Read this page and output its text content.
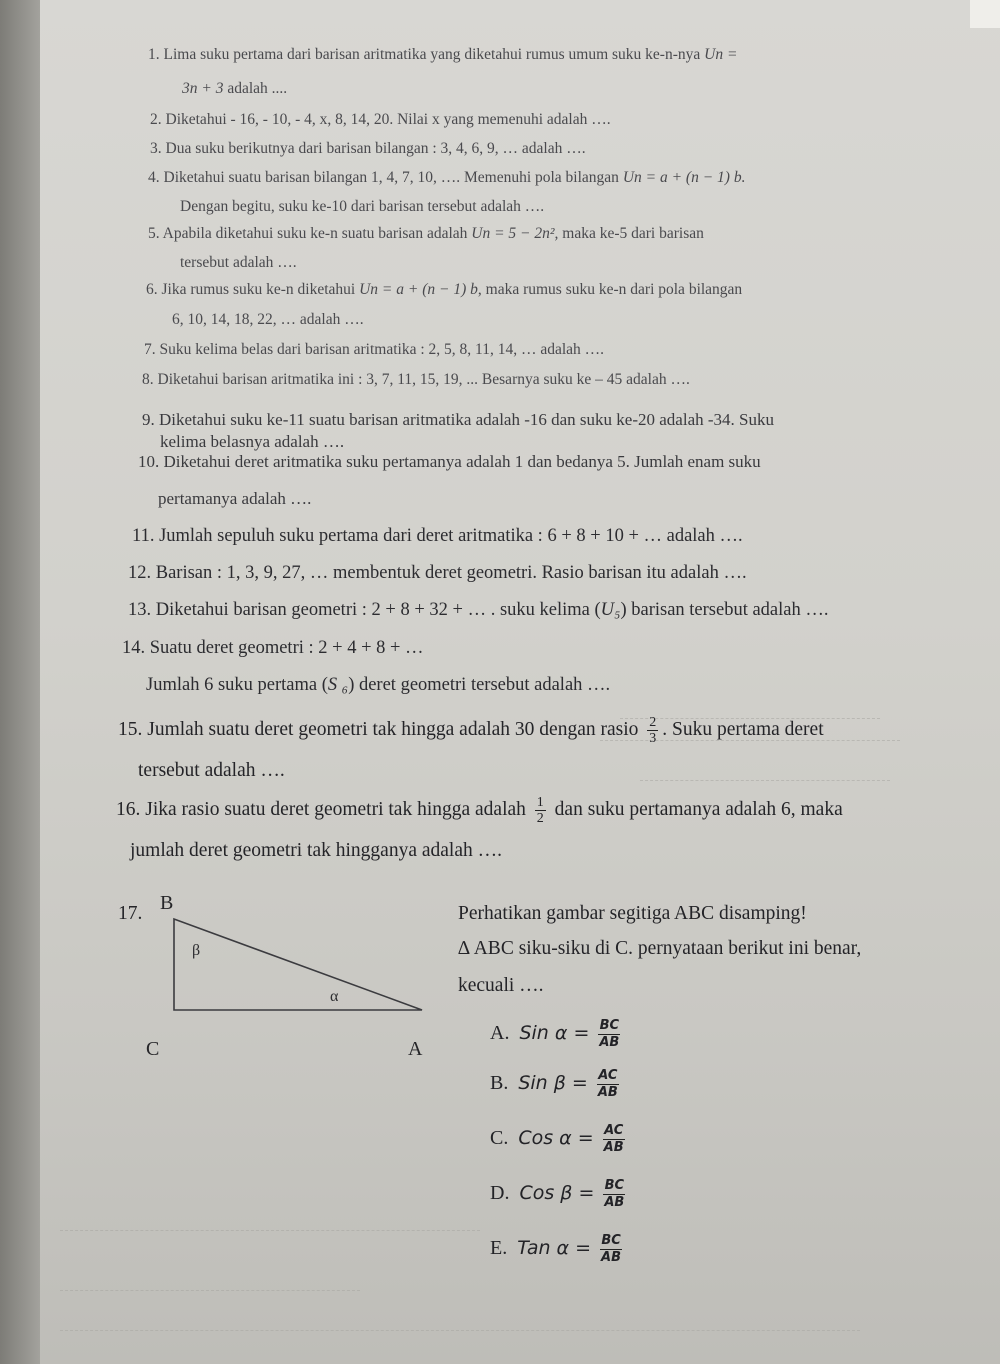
1. Lima suku pertama dari barisan aritmatika yang diketahui rumus umum suku ke-n-nya Un =
3n + 3 adalah ....
2. Diketahui - 16, - 10, - 4, x, 8, 14, 20. Nilai x yang memenuhi adalah ….
3. Dua suku berikutnya dari barisan bilangan : 3, 4, 6, 9, … adalah ….
4. Diketahui suatu barisan bilangan 1, 4, 7, 10, …. Memenuhi pola bilangan Un = a + (n − 1) b.
Dengan begitu, suku ke-10 dari barisan tersebut adalah ….
5. Apabila diketahui suku ke-n suatu barisan adalah Un = 5 − 2n², maka ke-5 dari barisan
tersebut adalah ….
6. Jika rumus suku ke-n diketahui Un = a + (n − 1) b, maka rumus suku ke-n dari pola bilangan
6, 10, 14, 18, 22, … adalah ….
7. Suku kelima belas dari barisan aritmatika : 2, 5, 8, 11, 14, … adalah ….
8. Diketahui barisan aritmatika ini : 3, 7, 11, 15, 19, ... Besarnya suku ke – 45 adalah ….
9. Diketahui suku ke-11 suatu barisan aritmatika adalah -16 dan suku ke-20 adalah -34. Suku
kelima belasnya adalah ….
10. Diketahui deret aritmatika suku pertamanya adalah 1 dan bedanya 5. Jumlah enam suku
pertamanya adalah ….
11. Jumlah sepuluh suku pertama dari deret aritmatika : 6 + 8 + 10 + … adalah ….
12. Barisan : 1, 3, 9, 27, … membentuk deret geometri. Rasio barisan itu adalah ….
13. Diketahui barisan geometri : 2 + 8 + 32 + … . suku kelima (U₅) barisan tersebut adalah ….
14. Suatu deret geometri : 2 + 4 + 8 + …
Jumlah 6 suku pertama (S ₆) deret geometri tersebut adalah ….
15. Jumlah suatu deret geometri tak hingga adalah 30 dengan rasio $\frac{2}{3}$ . Suku pertama deret
tersebut adalah ….
16. Jika rasio suatu deret geometri tak hingga adalah $\frac{1}{2}$ dan suku pertamanya adalah 6, maka
jumlah deret geometri tak hingganya adalah ….
17. B
β
α
C	A
Perhatikan gambar segitiga ABC disamping!
∆ ABC siku-siku di C. pernyataan berikut ini benar,
kecuali ….
A. Sin $\alpha = \frac{BC}{AB}$
B. Sin $\beta = \frac{AC}{AB}$
C. Cos $\alpha = \frac{AC}{AB}$
D. Cos $\beta = \frac{BC}{AB}$
E. Tan $\alpha = \frac{BC}{AB}$
